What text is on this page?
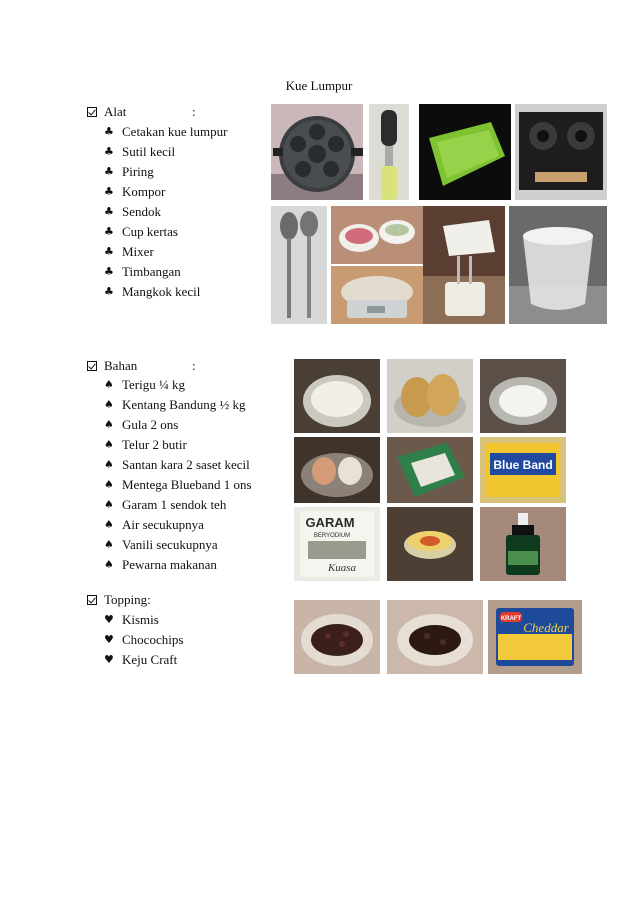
Kue Lumpur
Alat	:
♣ Cetakan kue lumpur
♣ Sutil kecil
♣ Piring
♣ Kompor
♣ Sendok
♣ Cup kertas
♣ Mixer
♣ Timbangan
♣ Mangkok kecil
Bahan	:
♠ Terigu ¼ kg
♠ Kentang Bandung ½ kg
♠ Gula 2 ons
♠ Telur 2 butir
♠ Santan kara 2 saset kecil
♠ Mentega Blueband 1 ons
♠ Garam 1 sendok teh
♠ Air secukupnya
♠ Vanili secukupnya
♠ Pewarna makanan
Topping:
♥ Kismis
♥ Chocochips
♥ Keju Craft
Blue Band
GARAM
BERYODIUM
Kuasa
KRAFT
Cheddar
